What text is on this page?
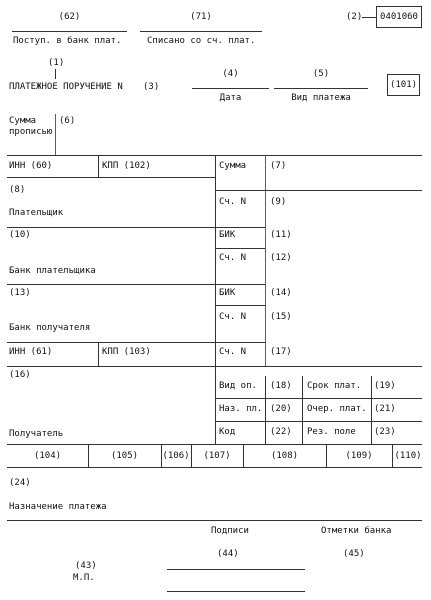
(62)
Поступ. в банк плат.
(71)
Списано со сч. плат.
(2) 0401060
(1)
ПЛАТЕЖНОЕ ПОРУЧЕНИЕ N (3)
(4)
Дата
(5)
Вид платежа
(101)
Сумма
прописью
(6)
ИНН (60)	КПП (102)	Сумма	(7)
(8)
Сч. N	(9)
Плательщик
(10)	БИК	(11)
Сч. N	(12)
Банк плательщика
(13)	БИК	(14)
Сч. N	(15)
Банк получателя
ИНН (61)	КПП (103)	Сч. N	(17)
(16)
Получатель
Вид оп. (18) Срок плат. (19)
Наз. пл. (20) Очер. плат. (21)
Код	(22) Рез. поле (23)
(104)	(105)	(106)	(107)	(108)	(109)	(110)
(24)
Назначение платежа
Подписи	Отметки банка
(44)	(45)
(43)
М.П.
